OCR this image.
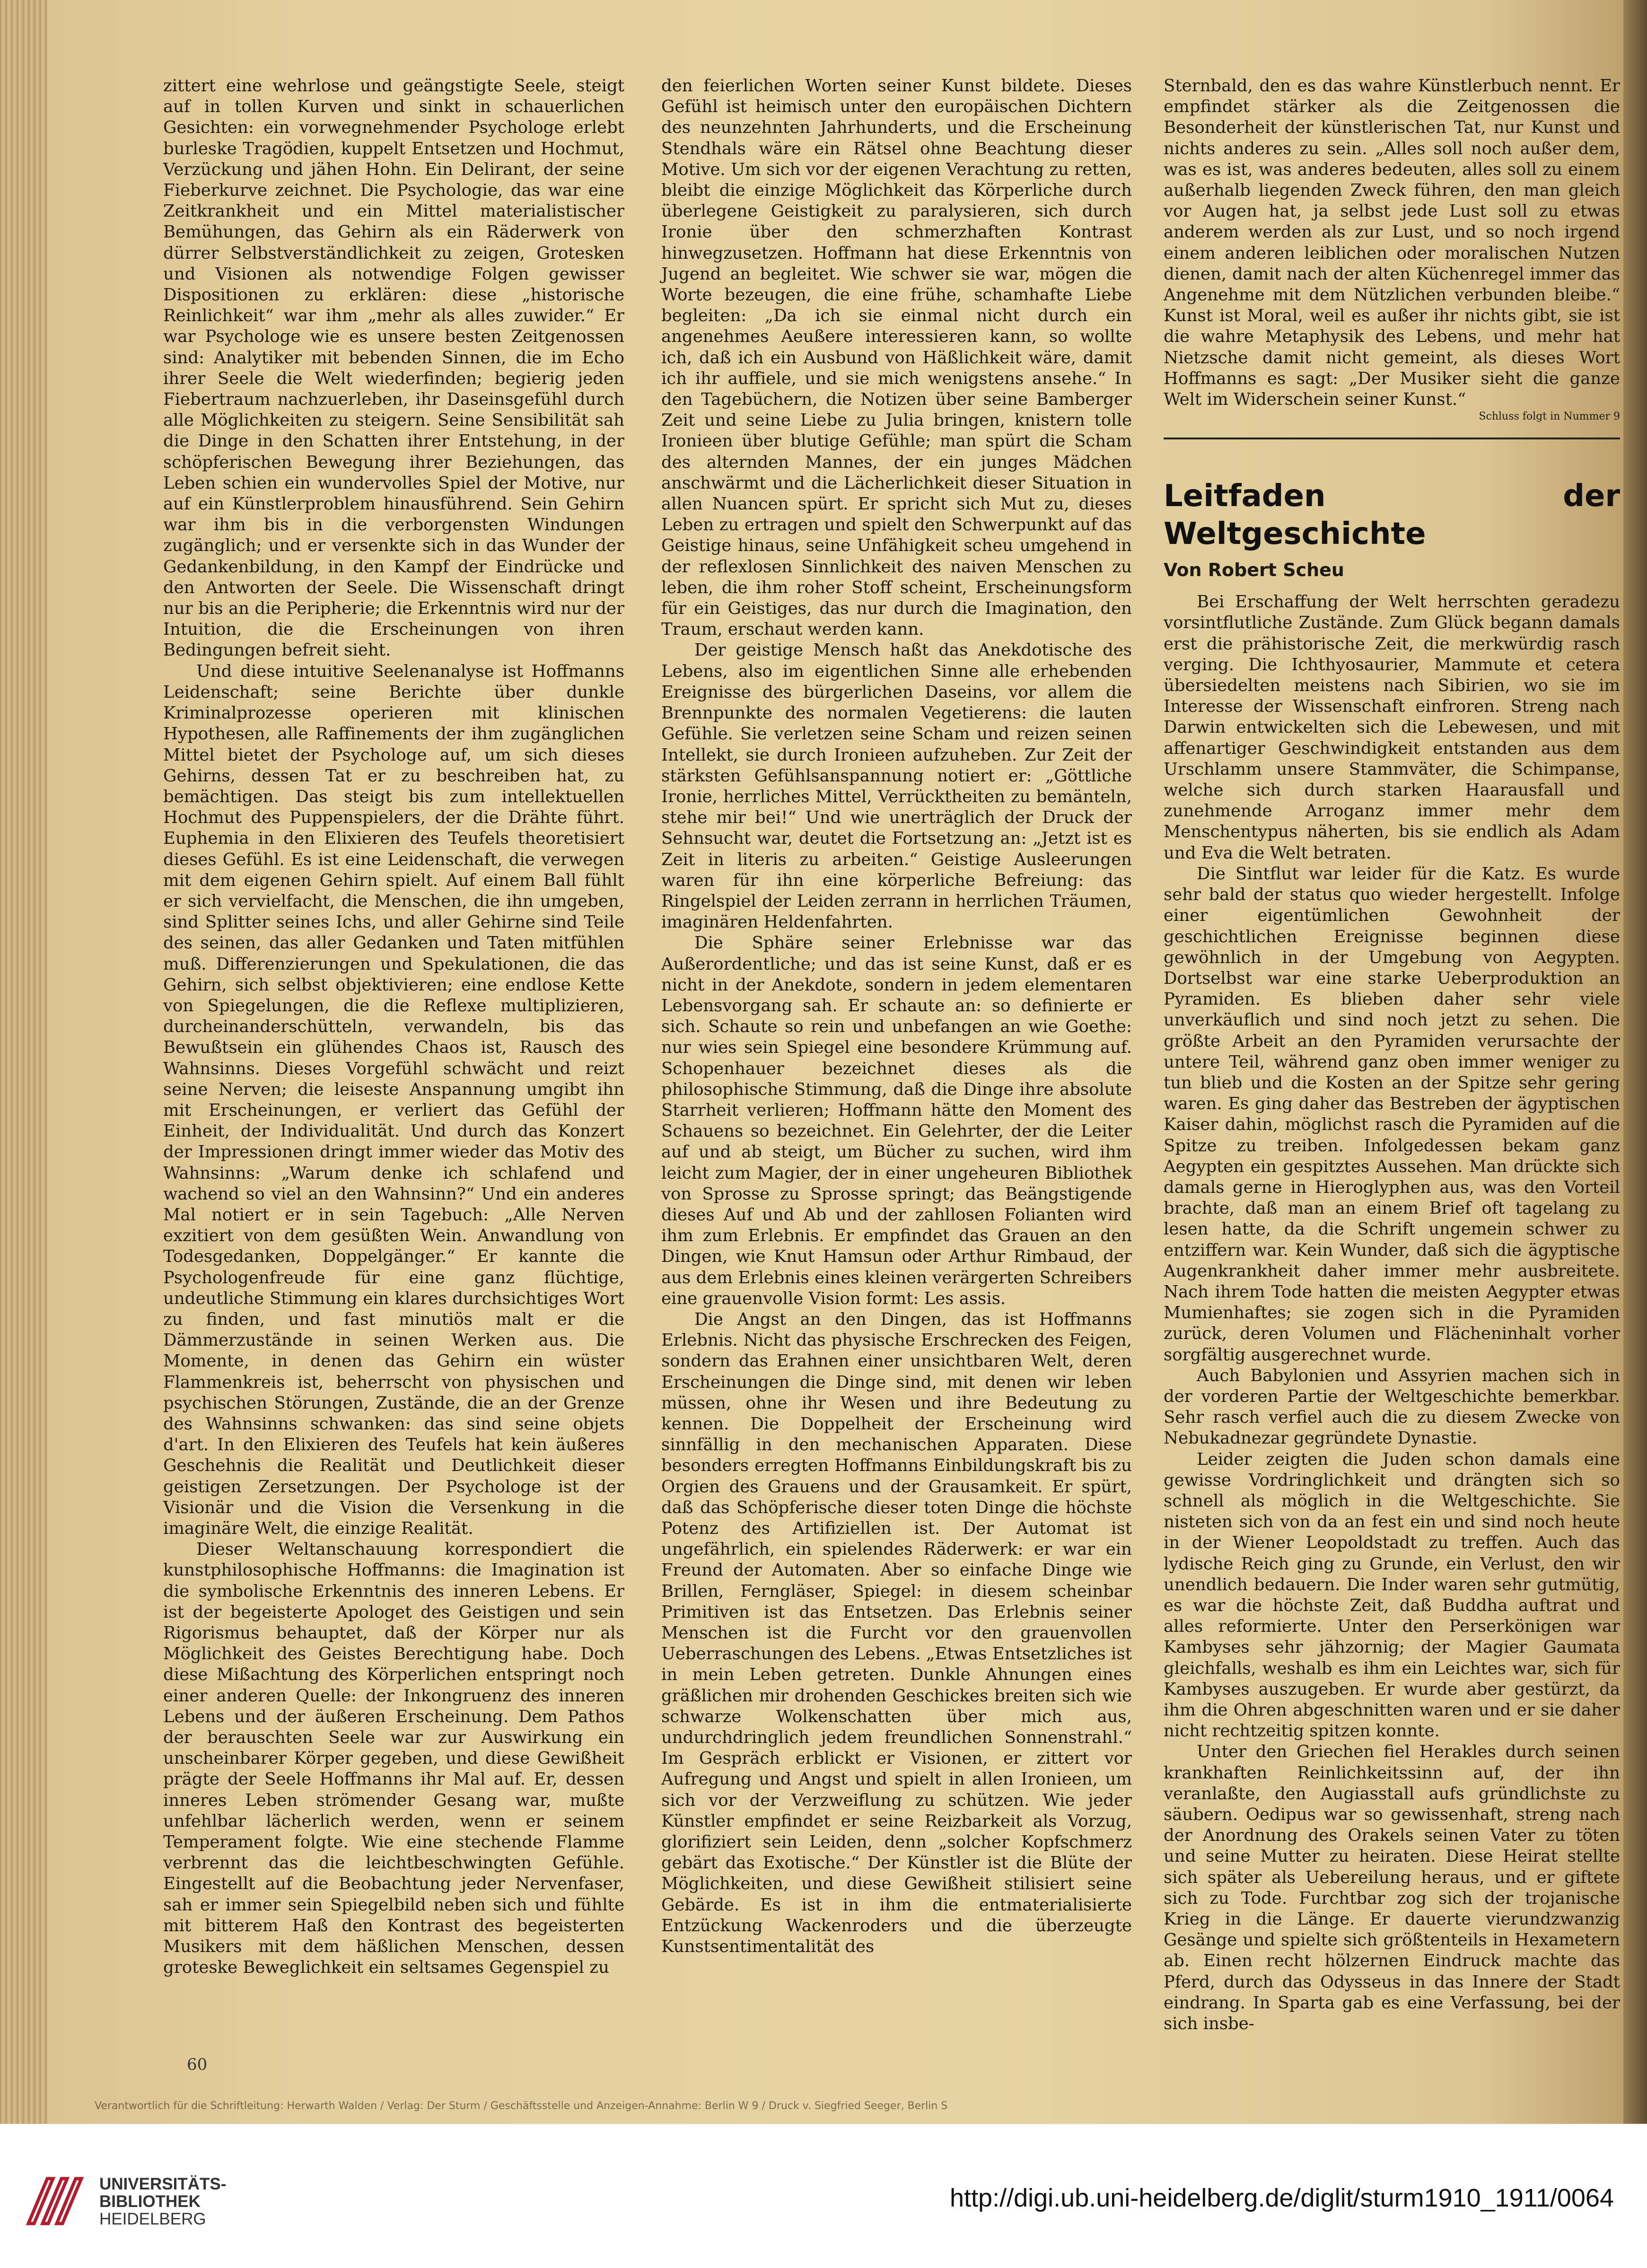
zittert eine wehrlose und geängstigte Seele, steigt auf in tollen Kurven und sinkt in schauerlichen Gesichten: ein vorwegnehmender Psychologe erlebt burleske Tragödien, kuppelt Entsetzen und Hochmut, Verzückung und jähen Hohn. Ein Delirant, der seine Fieberkurve zeichnet. Die Psychologie, das war eine Zeitkrankheit und ein Mittel materialistischer Bemühungen, das Gehirn als ein Räderwerk von dürrer Selbstverständlichkeit zu zeigen, Grotesken und Visionen als notwendige Folgen gewisser Dispositionen zu erklären: diese „historische Reinlichkeit“ war ihm „mehr als alles zuwider.“ Er war Psychologe wie es unsere besten Zeitgenossen sind: Analytiker mit bebenden Sinnen, die im Echo ihrer Seele die Welt wiederfinden; begierig jeden Fiebertraum nachzuerleben, ihr Daseinsgefühl durch alle Möglichkeiten zu steigern. Seine Sensibilität sah die Dinge in den Schatten ihrer Entstehung, in der schöpferischen Bewegung ihrer Beziehungen, das Leben schien ein wundervolles Spiel der Motive, nur auf ein Künstlerproblem hinausführend. Sein Gehirn war ihm bis in die verborgensten Windungen zugänglich; und er versenkte sich in das Wunder der Gedankenbildung, in den Kampf der Eindrücke und den Antworten der Seele. Die Wissenschaft dringt nur bis an die Peripherie; die Erkenntnis wird nur der Intuition, die die Erscheinungen von ihren Bedingungen befreit sieht.

Und diese intuitive Seelenanalyse ist Hoffmanns Leidenschaft; seine Berichte über dunkle Kriminalprozesse operieren mit klinischen Hypothesen, alle Raffinements der ihm zugänglichen Mittel bietet der Psychologe auf, um sich dieses Gehirns, dessen Tat er zu beschreiben hat, zu bemächtigen. Das steigt bis zum intellektuellen Hochmut des Puppenspielers, der die Drähte führt. Euphemia in den Elixieren des Teufels theoretisiert dieses Gefühl. Es ist eine Leidenschaft, die verwegen mit dem eigenen Gehirn spielt. Auf einem Ball fühlt er sich vervielfacht, die Menschen, die ihn umgeben, sind Splitter seines Ichs, und aller Gehirne sind Teile des seinen, das aller Gedanken und Taten mitfühlen muß. Differenzierungen und Spekulationen, die das Gehirn, sich selbst objektivieren; eine endlose Kette von Spiegelungen, die die Reflexe multiplizieren, durcheinanderschütteln, verwandeln, bis das Bewußtsein ein glühendes Chaos ist, Rausch des Wahnsinns. Dieses Vorgefühl schwächt und reizt seine Nerven; die leiseste Anspannung umgibt ihn mit Erscheinungen, er verliert das Gefühl der Einheit, der Individualität. Und durch das Konzert der Impressionen dringt immer wieder das Motiv des Wahnsinns: „Warum denke ich schlafend und wachend so viel an den Wahnsinn?“ Und ein anderes Mal notiert er in sein Tagebuch: „Alle Nerven exzitiert von dem gesüßten Wein. Anwandlung von Todesgedanken, Doppelgänger.“ Er kannte die Psychologenfreude für eine ganz flüchtige, undeutliche Stimmung ein klares durchsichtiges Wort zu finden, und fast minutiös malt er die Dämmerzustände in seinen Werken aus. Die Momente, in denen das Gehirn ein wüster Flammenkreis ist, beherrscht von physischen und psychischen Störungen, Zustände, die an der Grenze des Wahnsinns schwanken: das sind seine objets d'art. In den Elixieren des Teufels hat kein äußeres Geschehnis die Realität und Deutlichkeit dieser geistigen Zersetzungen. Der Psychologe ist der Visionär und die Vision die Versenkung in die imaginäre Welt, die einzige Realität.

Dieser Weltanschauung korrespondiert die kunstphilosophische Hoffmanns: die Imagination ist die symbolische Erkenntnis des inneren Lebens. Er ist der begeisterte Apologet des Geistigen und sein Rigorismus behauptet, daß der Körper nur als Möglichkeit des Geistes Berechtigung habe. Doch diese Mißachtung des Körperlichen entspringt noch einer anderen Quelle: der Inkongruenz des inneren Lebens und der äußeren Erscheinung. Dem Pathos der berauschten Seele war zur Auswirkung ein unscheinbarer Körper gegeben, und diese Gewißheit prägte der Seele Hoffmanns ihr Mal auf. Er, dessen inneres Leben strömender Gesang war, mußte unfehlbar lächerlich werden, wenn er seinem Temperament folgte. Wie eine stechende Flamme verbrennt das die leichtbeschwingten Gefühle. Eingestellt auf die Beobachtung jeder Nervenfaser, sah er immer sein Spiegelbild neben sich und fühlte mit bitterem Haß den Kontrast des begeisterten Musikers mit dem häßlichen Menschen, dessen groteske Beweglichkeit ein seltsames Gegenspiel zu

den feierlichen Worten seiner Kunst bildete. Dieses Gefühl ist heimisch unter den europäischen Dichtern des neunzehnten Jahrhunderts, und die Erscheinung Stendhals wäre ein Rätsel ohne Beachtung dieser Motive. Um sich vor der eigenen Verachtung zu retten, bleibt die einzige Möglichkeit das Körperliche durch überlegene Geistigkeit zu paralysieren, sich durch Ironie über den schmerzhaften Kontrast hinwegzusetzen. Hoffmann hat diese Erkenntnis von Jugend an begleitet. Wie schwer sie war, mögen die Worte bezeugen, die eine frühe, schamhafte Liebe begleiten: „Da ich sie einmal nicht durch ein angenehmes Aeußere interessieren kann, so wollte ich, daß ich ein Ausbund von Häßlichkeit wäre, damit ich ihr auffiele, und sie mich wenigstens ansehe.“ In den Tagebüchern, die Notizen über seine Bamberger Zeit und seine Liebe zu Julia bringen, knistern tolle Ironieen über blutige Gefühle; man spürt die Scham des alternden Mannes, der ein junges Mädchen anschwärmt und die Lächerlichkeit dieser Situation in allen Nuancen spürt. Er spricht sich Mut zu, dieses Leben zu ertragen und spielt den Schwerpunkt auf das Geistige hinaus, seine Unfähigkeit scheu umgehend in der reflexlosen Sinnlichkeit des naiven Menschen zu leben, die ihm roher Stoff scheint, Erscheinungsform für ein Geistiges, das nur durch die Imagination, den Traum, erschaut werden kann.

Der geistige Mensch haßt das Anekdotische des Lebens, also im eigentlichen Sinne alle erhebenden Ereignisse des bürgerlichen Daseins, vor allem die Brennpunkte des normalen Vegetierens: die lauten Gefühle. Sie verletzen seine Scham und reizen seinen Intellekt, sie durch Ironieen aufzuheben. Zur Zeit der stärksten Gefühlsanspannung notiert er: „Göttliche Ironie, herrliches Mittel, Verrücktheiten zu bemänteln, stehe mir bei!“ Und wie unerträglich der Druck der Sehnsucht war, deutet die Fortsetzung an: „Jetzt ist es Zeit in literis zu arbeiten.“ Geistige Ausleerungen waren für ihn eine körperliche Befreiung: das Ringelspiel der Leiden zerrann in herrlichen Träumen, imaginären Heldenfahrten.

Die Sphäre seiner Erlebnisse war das Außerordentliche; und das ist seine Kunst, daß er es nicht in der Anekdote, sondern in jedem elementaren Lebensvorgang sah. Er schaute an: so definierte er sich. Schaute so rein und unbefangen an wie Goethe: nur wies sein Spiegel eine besondere Krümmung auf. Schopenhauer bezeichnet dieses als die philosophische Stimmung, daß die Dinge ihre absolute Starrheit verlieren; Hoffmann hätte den Moment des Schauens so bezeichnet. Ein Gelehrter, der die Leiter auf und ab steigt, um Bücher zu suchen, wird ihm leicht zum Magier, der in einer ungeheuren Bibliothek von Sprosse zu Sprosse springt; das Beängstigende dieses Auf und Ab und der zahllosen Folianten wird ihm zum Erlebnis. Er empfindet das Grauen an den Dingen, wie Knut Hamsun oder Arthur Rimbaud, der aus dem Erlebnis eines kleinen verärgerten Schreibers eine grauenvolle Vision formt: Les assis.

Die Angst an den Dingen, das ist Hoffmanns Erlebnis. Nicht das physische Erschrecken des Feigen, sondern das Erahnen einer unsichtbaren Welt, deren Erscheinungen die Dinge sind, mit denen wir leben müssen, ohne ihr Wesen und ihre Bedeutung zu kennen. Die Doppelheit der Erscheinung wird sinnfällig in den mechanischen Apparaten. Diese besonders erregten Hoffmanns Einbildungskraft bis zu Orgien des Grauens und der Grausamkeit. Er spürt, daß das Schöpferische dieser toten Dinge die höchste Potenz des Artifiziellen ist. Der Automat ist ungefährlich, ein spielendes Räderwerk: er war ein Freund der Automaten. Aber so einfache Dinge wie Brillen, Ferngläser, Spiegel: in diesem scheinbar Primitiven ist das Entsetzen. Das Erlebnis seiner Menschen ist die Furcht vor den grauenvollen Ueberraschungen des Lebens. „Etwas Entsetzliches ist in mein Leben getreten. Dunkle Ahnungen eines gräßlichen mir drohenden Geschickes breiten sich wie schwarze Wolkenschatten über mich aus, undurchdringlich jedem freundlichen Sonnenstrahl.“ Im Gespräch erblickt er Visionen, er zittert vor Aufregung und Angst und spielt in allen Ironieen, um sich vor der Verzweiflung zu schützen. Wie jeder Künstler empfindet er seine Reizbarkeit als Vorzug, glorifiziert sein Leiden, denn „solcher Kopfschmerz gebärt das Exotische.“ Der Künstler ist die Blüte der Möglichkeiten, und diese Gewißheit stilisiert seine Gebärde. Es ist in ihm die entmaterialisierte Entzückung Wackenroders und die überzeugte Kunstsentimentalität des

Sternbald, den es das wahre Künstlerbuch nennt. Er empfindet stärker als die Zeitgenossen die Besonderheit der künstlerischen Tat, nur Kunst und nichts anderes zu sein. „Alles soll noch außer dem, was es ist, was anderes bedeuten, alles soll zu einem außerhalb liegenden Zweck führen, den man gleich vor Augen hat, ja selbst jede Lust soll zu etwas anderem werden als zur Lust, und so noch irgend einem anderen leiblichen oder moralischen Nutzen dienen, damit nach der alten Küchenregel immer das Angenehme mit dem Nützlichen verbunden bleibe.“ Kunst ist Moral, weil es außer ihr nichts gibt, sie ist die wahre Metaphysik des Lebens, und mehr hat Nietzsche damit nicht gemeint, als dieses Wort Hoffmanns es sagt: „Der Musiker sieht die ganze Welt im Widerschein seiner Kunst.“

Schluss folgt in Nummer 9
Leitfaden der Weltgeschichte
Von Robert Scheu

Bei Erschaffung der Welt herrschten geradezu vorsintflutliche Zustände. Zum Glück begann damals erst die prähistorische Zeit, die merkwürdig rasch verging. Die Ichthyosaurier, Mammute et cetera übersiedelten meistens nach Sibirien, wo sie im Interesse der Wissenschaft einfroren. Streng nach Darwin entwickelten sich die Lebewesen, und mit affenartiger Geschwindigkeit entstanden aus dem Urschlamm unsere Stammväter, die Schimpanse, welche sich durch starken Haarausfall und zunehmende Arroganz immer mehr dem Menschentypus näherten, bis sie endlich als Adam und Eva die Welt betraten.

Die Sintflut war leider für die Katz. Es wurde sehr bald der status quo wieder hergestellt. Infolge einer eigentümlichen Gewohnheit der geschichtlichen Ereignisse beginnen diese gewöhnlich in der Umgebung von Aegypten. Dortselbst war eine starke Ueberproduktion an Pyramiden. Es blieben daher sehr viele unverkäuflich und sind noch jetzt zu sehen. Die größte Arbeit an den Pyramiden verursachte der untere Teil, während ganz oben immer weniger zu tun blieb und die Kosten an der Spitze sehr gering waren. Es ging daher das Bestreben der ägyptischen Kaiser dahin, möglichst rasch die Pyramiden auf die Spitze zu treiben. Infolgedessen bekam ganz Aegypten ein gespitztes Aussehen. Man drückte sich damals gerne in Hieroglyphen aus, was den Vorteil brachte, daß man an einem Brief oft tagelang zu lesen hatte, da die Schrift ungemein schwer zu entziffern war. Kein Wunder, daß sich die ägyptische Augenkrankheit daher immer mehr ausbreitete. Nach ihrem Tode hatten die meisten Aegypter etwas Mumienhaftes; sie zogen sich in die Pyramiden zurück, deren Volumen und Flächeninhalt vorher sorgfältig ausgerechnet wurde.

Auch Babylonien und Assyrien machen sich in der vorderen Partie der Weltgeschichte bemerkbar. Sehr rasch verfiel auch die zu diesem Zwecke von Nebukadnezar gegründete Dynastie.

Leider zeigten die Juden schon damals eine gewisse Vordringlichkeit und drängten sich so schnell als möglich in die Weltgeschichte. Sie nisteten sich von da an fest ein und sind noch heute in der Wiener Leopoldstadt zu treffen. Auch das lydische Reich ging zu Grunde, ein Verlust, den wir unendlich bedauern. Die Inder waren sehr gutmütig, es war die höchste Zeit, daß Buddha auftrat und alles reformierte. Unter den Perserkönigen war Kambyses sehr jähzornig; der Magier Gaumata gleichfalls, weshalb es ihm ein Leichtes war, sich für Kambyses auszugeben. Er wurde aber gestürzt, da ihm die Ohren abgeschnitten waren und er sie daher nicht rechtzeitig spitzen konnte.

Unter den Griechen fiel Herakles durch seinen krankhaften Reinlichkeitssinn auf, der ihn veranlaßte, den Augiasstall aufs gründlichste zu säubern. Oedipus war so gewissenhaft, streng nach der Anordnung des Orakels seinen Vater zu töten und seine Mutter zu heiraten. Diese Heirat stellte sich später als Uebereilung heraus, und er giftete sich zu Tode. Furchtbar zog sich der trojanische Krieg in die Länge. Er dauerte vierundzwanzig Gesänge und spielte sich größtenteils in Hexametern ab. Einen recht hölzernen Eindruck machte das Pferd, durch das Odysseus in das Innere der Stadt eindrang. In Sparta gab es eine Verfassung, bei der sich insbe-

60
Verantwortlich für die Schriftleitung: Herwarth Walden / Verlag: Der Sturm / Geschäftsstelle und Anzeigen-Annahme: Berlin W 9 / Druck v. Siegfried Seeger, Berlin S
UNIVERSITÄTS-
BIBLIOTHEK
HEIDELBERG
http://digi.ub.uni-heidelberg.de/diglit/sturm1910_1911/0064
